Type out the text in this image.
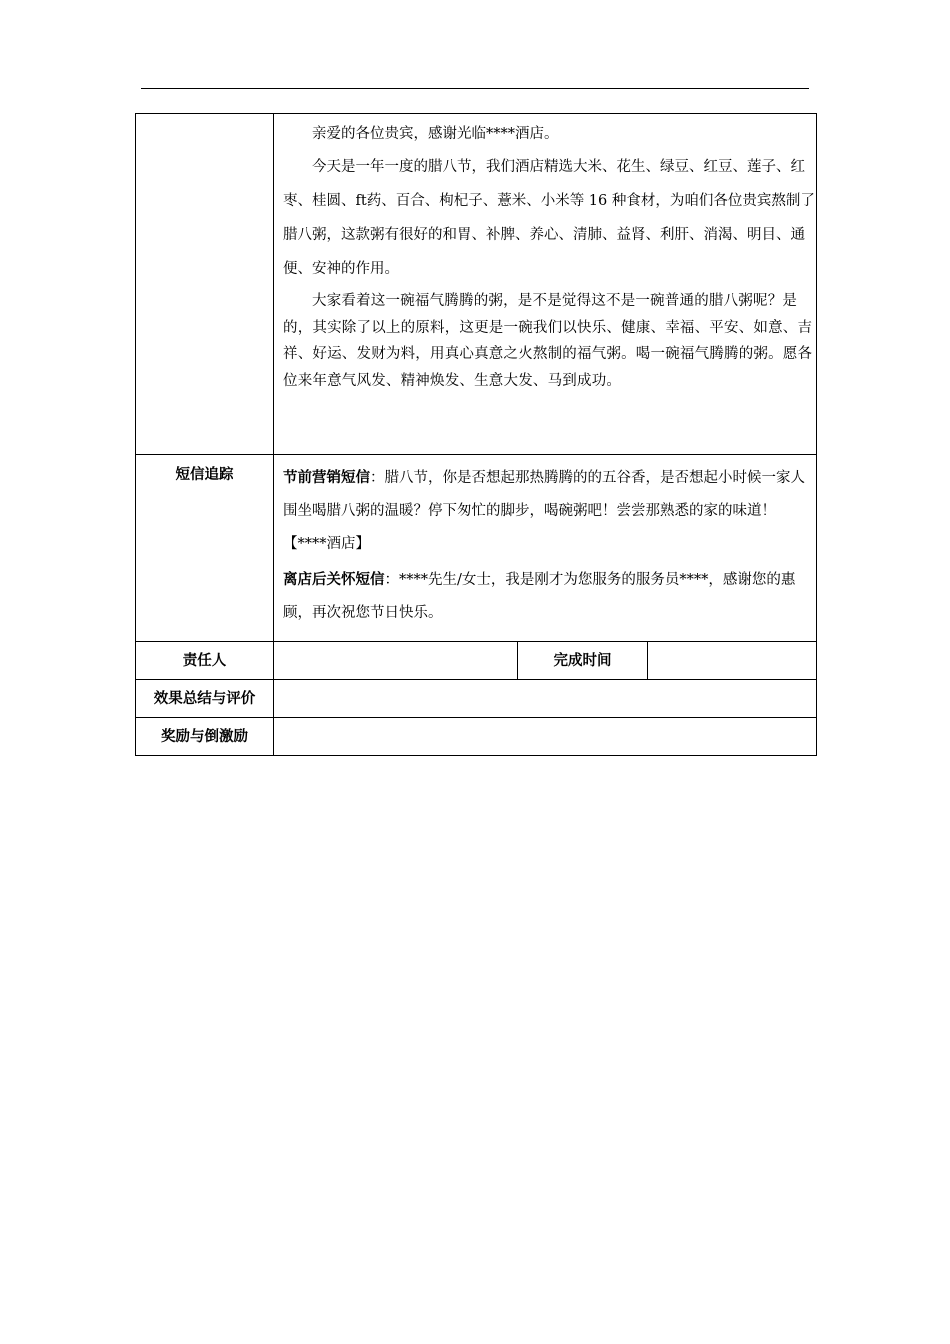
	亲爱的各位贵宾，感谢光临****酒店。

今天是一年一度的腊八节，我们酒店精选大米、花生、绿豆、红豆、莲子、红枣、桂圆、ft药、百合、枸杞子、薏米、小米等 16 种食材，为咱们各位贵宾熬制了腊八粥，这款粥有很好的和胃、补脾、养心、清肺、益肾、利肝、消渴、明目、通便、安神的作用。

大家看着这一碗福气腾腾的粥，是不是觉得这不是一碗普通的腊八粥呢？是的，其实除了以上的原料，这更是一碗我们以快乐、健康、幸福、平安、如意、吉祥、好运、发财为料，用真心真意之火熬制的福气粥。喝一碗福气腾腾的粥。愿各位来年意气风发、精神焕发、生意大发、马到成功。		

短信追踪	节前营销短信：腊八节，你是否想起那热腾腾的的五谷香，是否想起小时候一家人围坐喝腊八粥的温暖？停下匆忙的脚步，喝碗粥吧！尝尝那熟悉的家的味道！【****酒店】

离店后关怀短信：****先生/女士，我是刚才为您服务的服务员****，感谢您的惠顾，再次祝您节日快乐。		

责任人		完成时间	
效果总结与评价			
奖励与倒激励			
